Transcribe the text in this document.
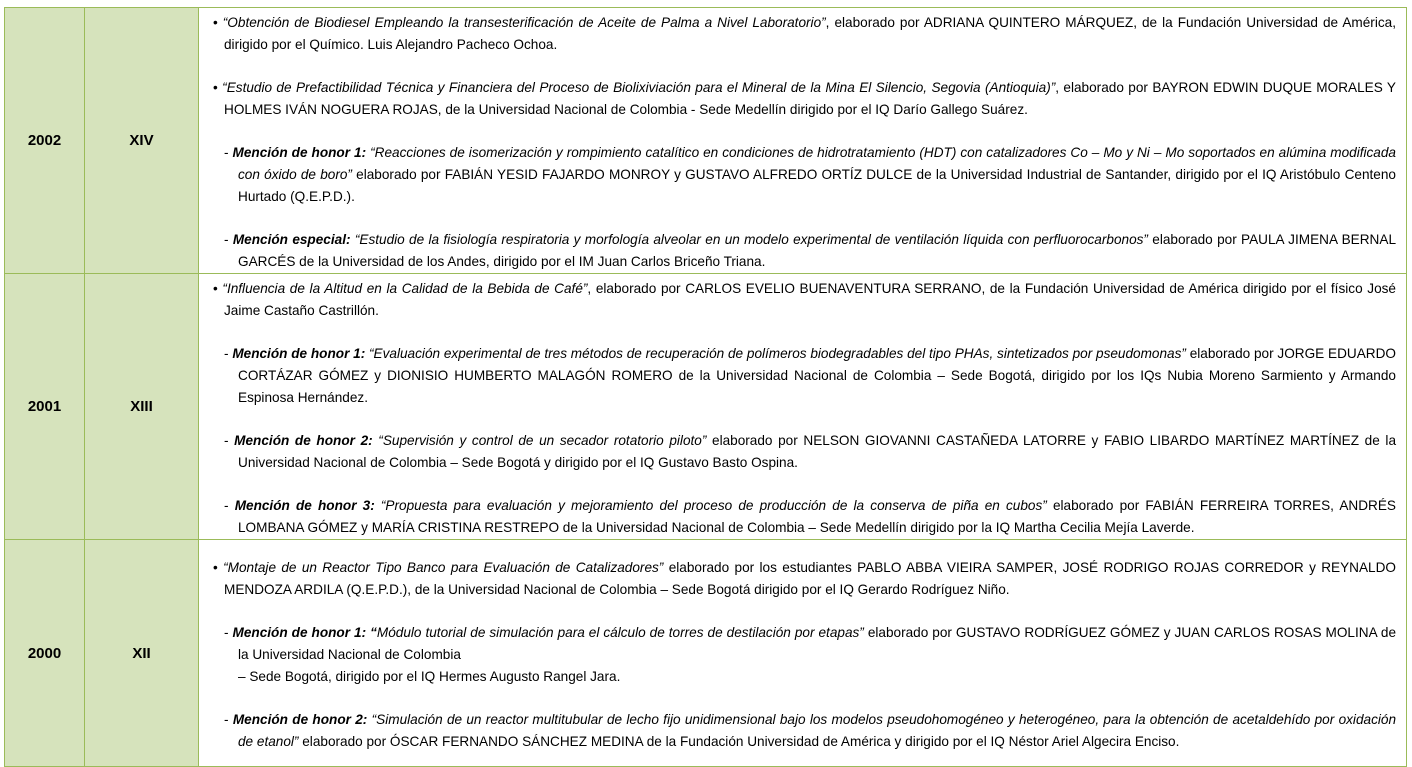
2002	XIV	• “Obtención de Biodiesel Empleando la transesterificación de Aceite de Palma a Nivel Laboratorio”, elaborado por ADRIANA QUINTERO MÁRQUEZ, de la Fundación Universidad de América, dirigido por el Químico. Luis Alejandro Pacheco Ochoa.

• “Estudio de Prefactibilidad Técnica y Financiera del Proceso de Biolixiviación para el Mineral de la Mina El Silencio, Segovia (Antioquia)”, elaborado por BAYRON EDWIN DUQUE MORALES Y HOLMES IVÁN NOGUERA ROJAS, de la Universidad Nacional de Colombia - Sede Medellín dirigido por el IQ Darío Gallego Suárez.

- Mención de honor 1: “Reacciones de isomerización y rompimiento catalítico en condiciones de hidrotratamiento (HDT) con catalizadores Co – Mo y Ni – Mo soportados en alúmina modificada con óxido de boro” elaborado por FABIÁN YESID FAJARDO MONROY y GUSTAVO ALFREDO ORTÍZ DULCE de la Universidad Industrial de Santander, dirigido por el IQ Aristóbulo Centeno Hurtado (Q.E.P.D.).

- Mención especial: “Estudio de la fisiología respiratoria y morfología alveolar en un modelo experimental de ventilación líquida con perfluorocarbonos” elaborado por PAULA JIMENA BERNAL GARCÉS de la Universidad de los Andes, dirigido por el IM Juan Carlos Briceño Triana.

2001	XIII	• “Influencia de la Altitud en la Calidad de la Bebida de Café”, elaborado por CARLOS EVELIO BUENAVENTURA SERRANO, de la Fundación Universidad de América dirigido por el físico José Jaime Castaño Castrillón.

- Mención de honor 1: “Evaluación experimental de tres métodos de recuperación de polímeros biodegradables del tipo PHAs, sintetizados por pseudomonas” elaborado por JORGE EDUARDO CORTÁZAR GÓMEZ y DIONISIO HUMBERTO MALAGÓN ROMERO de la Universidad Nacional de Colombia – Sede Bogotá, dirigido por los IQs Nubia Moreno Sarmiento y Armando Espinosa Hernández.

- Mención de honor 2: “Supervisión y control de un secador rotatorio piloto” elaborado por NELSON GIOVANNI CASTAÑEDA LATORRE y FABIO LIBARDO MARTÍNEZ MARTÍNEZ de la Universidad Nacional de Colombia – Sede Bogotá y dirigido por el IQ Gustavo Basto Ospina.

- Mención de honor 3: “Propuesta para evaluación y mejoramiento del proceso de producción de la conserva de piña en cubos” elaborado por FABIÁN FERREIRA TORRES, ANDRÉS LOMBANA GÓMEZ y MARÍA CRISTINA RESTREPO de la Universidad Nacional de Colombia – Sede Medellín dirigido por la IQ Martha Cecilia Mejía Laverde.

2000	XII	• “Montaje de un Reactor Tipo Banco para Evaluación de Catalizadores” elaborado por los estudiantes PABLO ABBA VIEIRA SAMPER, JOSÉ RODRIGO ROJAS CORREDOR y REYNALDO MENDOZA ARDILA (Q.E.P.D.), de la Universidad Nacional de Colombia – Sede Bogotá dirigido por el IQ Gerardo Rodríguez Niño.

- Mención de honor 1: “Módulo tutorial de simulación para el cálculo de torres de destilación por etapas” elaborado por GUSTAVO RODRÍGUEZ GÓMEZ y JUAN CARLOS ROSAS MOLINA de la Universidad Nacional de Colombia
– Sede Bogotá, dirigido por el IQ Hermes Augusto Rangel Jara.

- Mención de honor 2: “Simulación de un reactor multitubular de lecho fijo unidimensional bajo los modelos pseudohomogéneo y heterogéneo, para la obtención de acetaldehído por oxidación de etanol” elaborado por ÓSCAR FERNANDO SÁNCHEZ MEDINA de la Fundación Universidad de América y dirigido por el IQ Néstor Ariel Algecira Enciso.
